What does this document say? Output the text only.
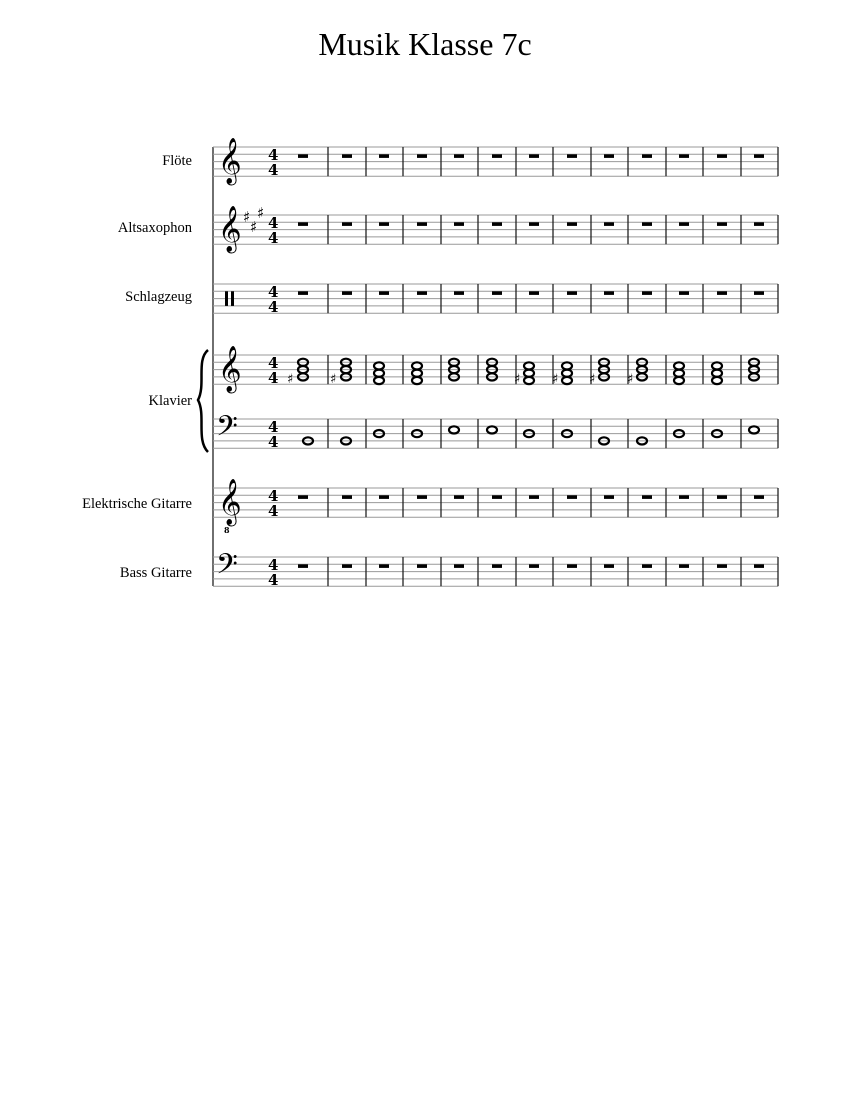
Musik Klasse 7c
Flöte
Altsaxophon
Schlagzeug
Klavier
Elektrische Gitarre
Bass Gitarre
4
4
𝄞
𝄞 ♯
♯
♯
𝄞	♯	♯	♯ ♯ ♯ ♯
𝄢
𝄞
8
𝄢
